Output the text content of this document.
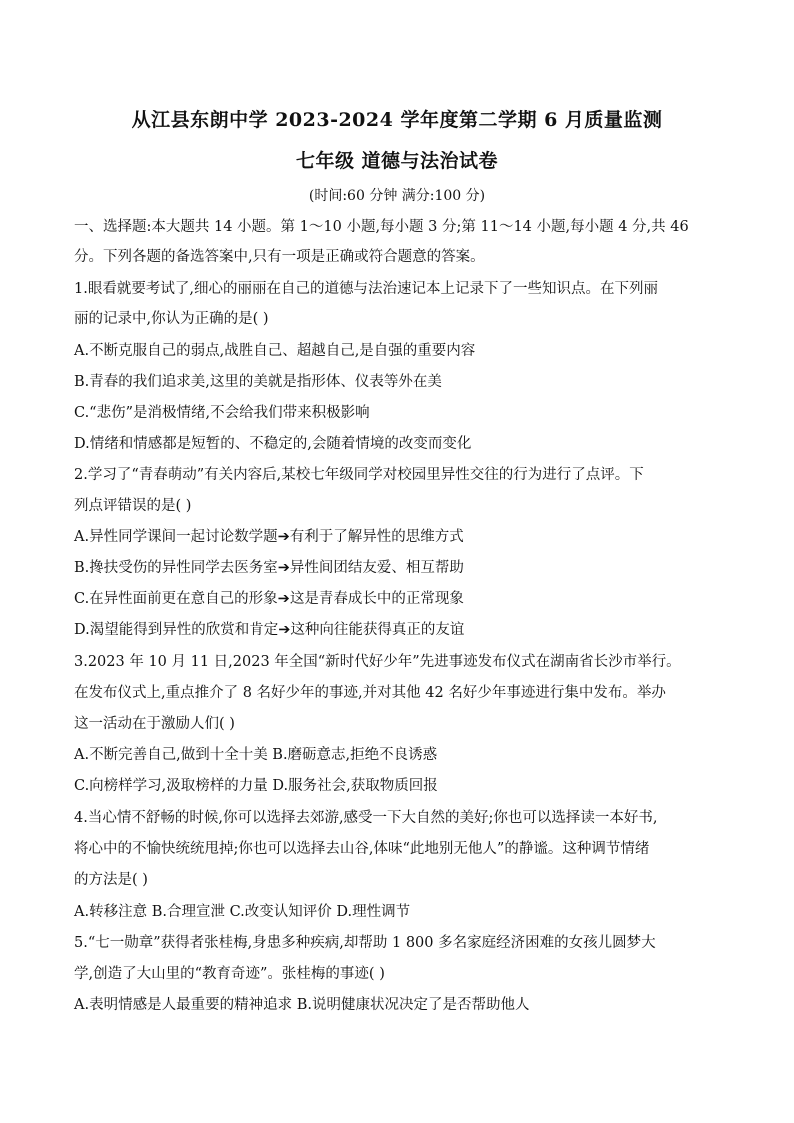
从江县东朗中学 2023-2024 学年度第二学期 6 月质量监测
七年级 道德与法治试卷
(时间:60 分钟 满分:100 分)
一、选择题:本大题共 14 小题。第 1～10 小题,每小题 3 分;第 11～14 小题,每小题 4 分,共 46
分。下列各题的备选答案中,只有一项是正确或符合题意的答案。
1.眼看就要考试了,细心的丽丽在自己的道德与法治速记本上记录下了一些知识点。在下列丽
丽的记录中,你认为正确的是( )
A.不断克服自己的弱点,战胜自己、超越自己,是自强的重要内容
B.青春的我们追求美,这里的美就是指形体、仪表等外在美
C.“悲伤”是消极情绪,不会给我们带来积极影响
D.情绪和情感都是短暂的、不稳定的,会随着情境的改变而变化
2.学习了“青春萌动”有关内容后,某校七年级同学对校园里异性交往的行为进行了点评。下
列点评错误的是( )
A.异性同学课间一起讨论数学题➔有利于了解异性的思维方式
B.搀扶受伤的异性同学去医务室➔异性间团结友爱、相互帮助
C.在异性面前更在意自己的形象➔这是青春成长中的正常现象
D.渴望能得到异性的欣赏和肯定➔这种向往能获得真正的友谊
3.2023 年 10 月 11 日,2023 年全国“新时代好少年”先进事迹发布仪式在湖南省长沙市举行。
在发布仪式上,重点推介了 8 名好少年的事迹,并对其他 42 名好少年事迹进行集中发布。举办
这一活动在于激励人们( )
A.不断完善自己,做到十全十美 B.磨砺意志,拒绝不良诱惑
C.向榜样学习,汲取榜样的力量 D.服务社会,获取物质回报
4.当心情不舒畅的时候,你可以选择去郊游,感受一下大自然的美好;你也可以选择读一本好书,
将心中的不愉快统统甩掉;你也可以选择去山谷,体味“此地别无他人”的静谧。这种调节情绪
的方法是( )
A.转移注意 B.合理宣泄 C.改变认知评价 D.理性调节
5.“七一勋章”获得者张桂梅,身患多种疾病,却帮助 1 800 多名家庭经济困难的女孩儿圆梦大
学,创造了大山里的“教育奇迹”。张桂梅的事迹( )
A.表明情感是人最重要的精神追求 B.说明健康状况决定了是否帮助他人
